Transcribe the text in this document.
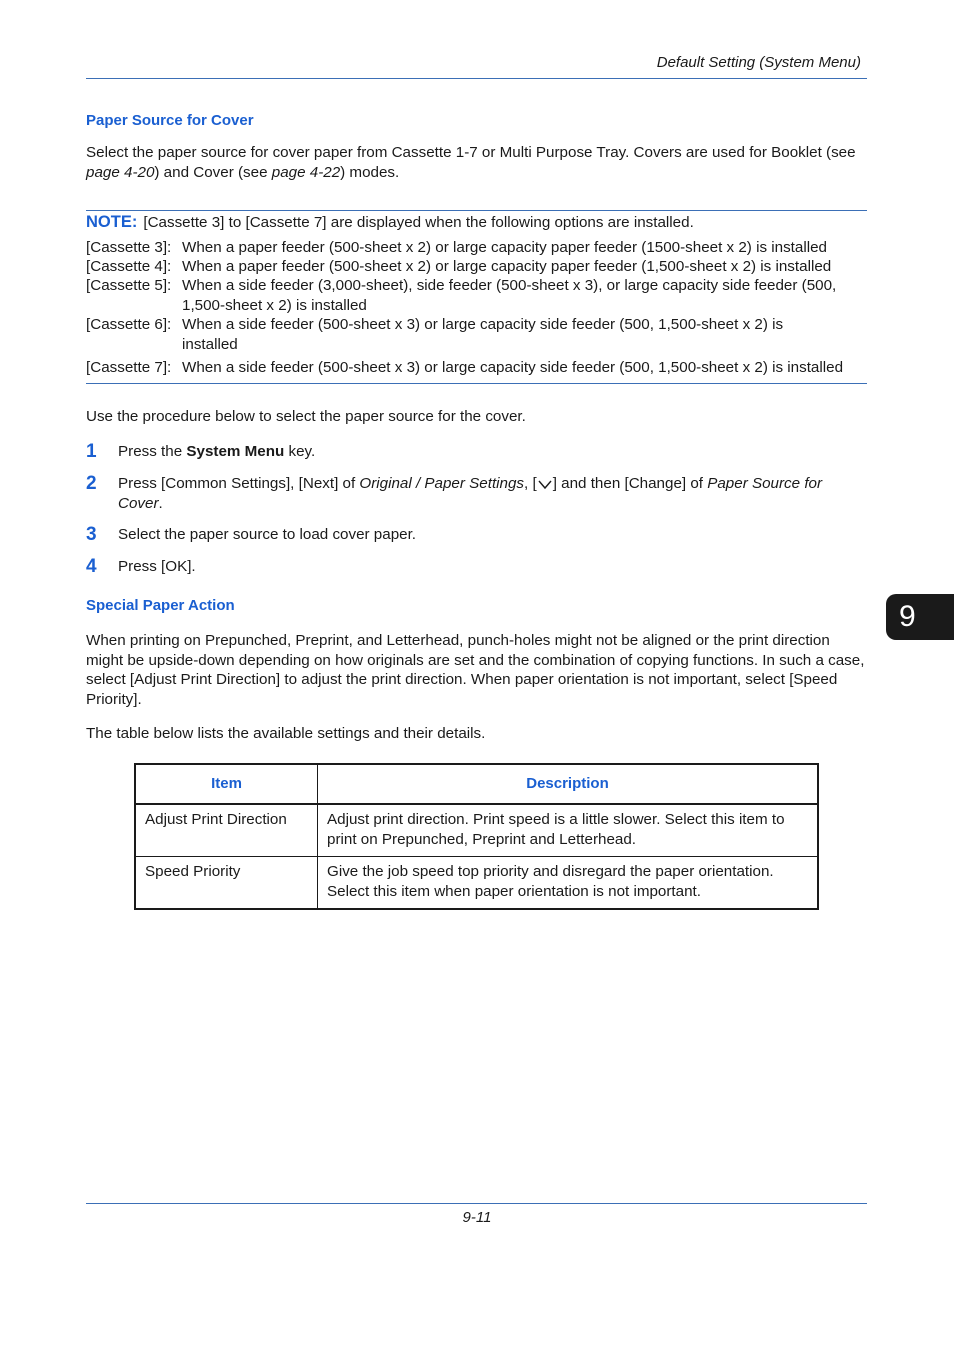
Default Setting (System Menu)
9
Paper Source for Cover
Select the paper source for cover paper from Cassette 1-7 or Multi Purpose Tray. Covers are used for Booklet (see page 4-20) and Cover (see page 4-22) modes.
NOTE: [Cassette 3] to [Cassette 7] are displayed when the following options are installed.
[Cassette 3]: When a paper feeder (500-sheet x 2) or large capacity paper feeder (1500-sheet x 2) is installed
[Cassette 4]: When a paper feeder (500-sheet x 2) or large capacity paper feeder (1,500-sheet x 2) is installed
[Cassette 5]: When a side feeder (3,000-sheet), side feeder (500-sheet x 3), or large capacity side feeder (500, 1,500-sheet x 2) is installed
[Cassette 6]: When a side feeder (500-sheet x 3) or large capacity side feeder (500, 1,500-sheet x 2) is installed
[Cassette 7]: When a side feeder (500-sheet x 3) or large capacity side feeder (500, 1,500-sheet x 2) is installed
Use the procedure below to select the paper source for the cover.
1	Press the System Menu key.
2	Press [Common Settings], [Next] of Original / Paper Settings, [ ] and then [Change] of Paper Source for Cover.
3	Select the paper source to load cover paper.
4	Press [OK].
Special Paper Action
When printing on Prepunched, Preprint, and Letterhead, punch-holes might not be aligned or the print direction might be upside-down depending on how originals are set and the combination of copying functions. In such a case, select [Adjust Print Direction] to adjust the print direction. When paper orientation is not important, select [Speed Priority].
The table below lists the available settings and their details.
Item	Description
Adjust Print Direction	Adjust print direction. Print speed is a little slower. Select this item to print on Prepunched, Preprint and Letterhead.
Speed Priority	Give the job speed top priority and disregard the paper orientation. Select this item when paper orientation is not important.
9-11
